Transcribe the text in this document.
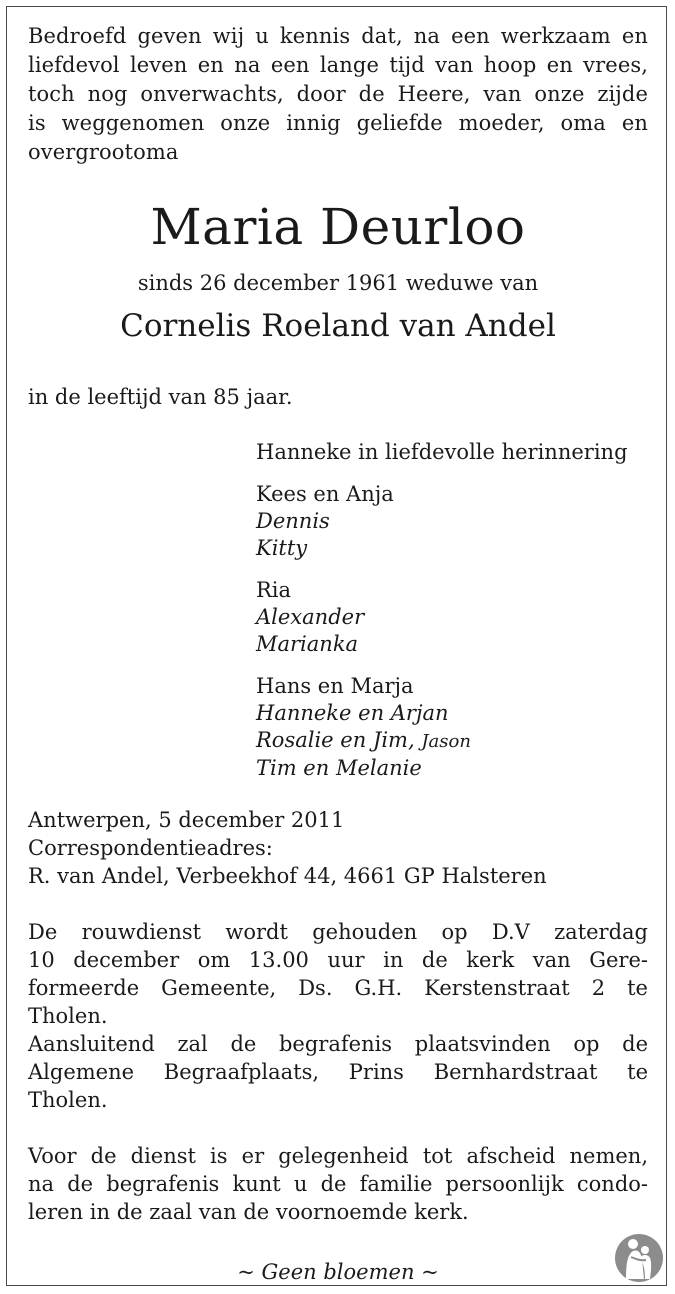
Bedroefd geven wij u kennis dat, na een werkzaam en
liefdevol leven en na een lange tijd van hoop en vrees,
toch nog onverwachts, door de Heere, van onze zijde
is weggenomen onze innig geliefde moeder, oma en
overgrootoma

Maria Deurloo
sinds 26 december 1961 weduwe van
Cornelis Roeland van Andel
in de leeftijd van 85 jaar.
Hanneke in liefdevolle herinnering
Kees en Anja
Dennis
Kitty
Ria
Alexander
Marianka
Hans en Marja
Hanneke en Arjan
Rosalie en Jim, Jason
Tim en Melanie
Antwerpen, 5 december 2011
Correspondentieadres:
R. van Andel, Verbeekhof 44, 4661 GP Halsteren
De rouwdienst wordt gehouden op D.V zaterdag
10 december om 13.00 uur in de kerk van Gere-
formeerde Gemeente, Ds. G.H. Kerstenstraat 2 te
Tholen.
Aansluitend zal de begrafenis plaatsvinden op de
Algemene Begraafplaats, Prins Bernhardstraat te
Tholen.
Voor de dienst is er gelegenheid tot afscheid nemen,
na de begrafenis kunt u de familie persoonlijk condo-
leren in de zaal van de voornoemde kerk.
~ Geen bloemen ~
